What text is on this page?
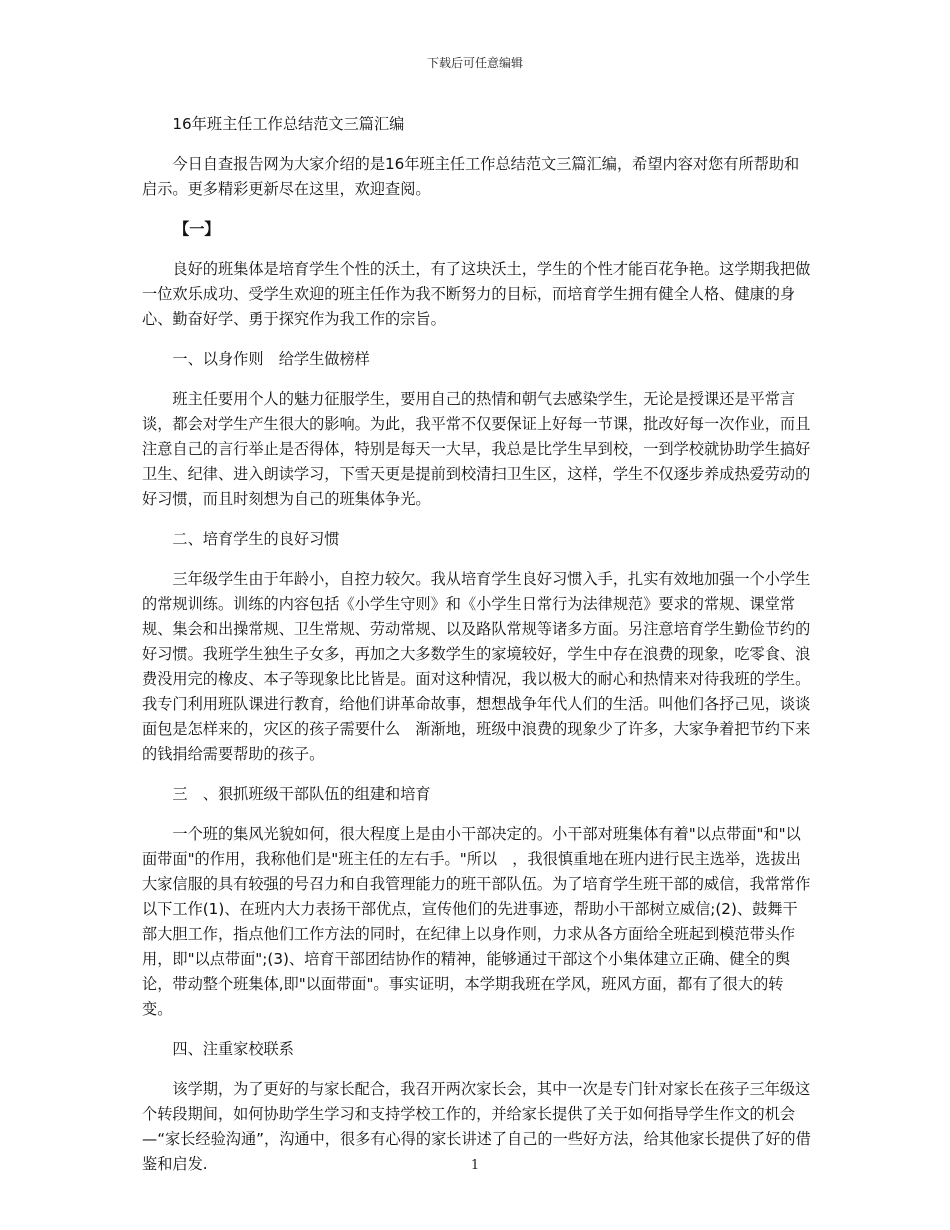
下载后可任意编辑

16年班主任工作总结范文三篇汇编

今日自查报告网为大家介绍的是16年班主任工作总结范文三篇汇编，希望内容对您有所帮助和启示。更多精彩更新尽在这里，欢迎查阅。

【一】

良好的班集体是培育学生个性的沃土，有了这块沃土，学生的个性才能百花争艳。这学期我把做一位欢乐成功、受学生欢迎的班主任作为我不断努力的目标，而培育学生拥有健全人格、健康的身心、勤奋好学、勇于探究作为我工作的宗旨。

一、以身作则　给学生做榜样

班主任要用个人的魅力征服学生，要用自己的热情和朝气去感染学生，无论是授课还是平常言谈，都会对学生产生很大的影响。为此，我平常不仅要保证上好每一节课，批改好每一次作业，而且注意自己的言行举止是否得体，特别是每天一大早，我总是比学生早到校，一到学校就协助学生搞好卫生、纪律、进入朗读学习，下雪天更是提前到校清扫卫生区，这样，学生不仅逐步养成热爱劳动的好习惯，而且时刻想为自己的班集体争光。

二、培育学生的良好习惯

三年级学生由于年龄小，自控力较欠。我从培育学生良好习惯入手，扎实有效地加强一个小学生的常规训练。训练的内容包括《小学生守则》和《小学生日常行为法律规范》要求的常规、课堂常规、集会和出操常规、卫生常规、劳动常规、以及路队常规等诸多方面。另注意培育学生勤俭节约的好习惯。我班学生独生子女多，再加之大多数学生的家境较好，学生中存在浪费的现象，吃零食、浪费没用完的橡皮、本子等现象比比皆是。面对这种情况，我以极大的耐心和热情来对待我班的学生。我专门利用班队课进行教育，给他们讲革命故事，想想战争年代人们的生活。叫他们各抒己见，谈谈面包是怎样来的，灾区的孩子需要什么　渐渐地，班级中浪费的现象少了许多，大家争着把节约下来的钱捐给需要帮助的孩子。

三　、狠抓班级干部队伍的组建和培育

一个班的集风光貌如何，很大程度上是由小干部决定的。小干部对班集体有着"以点带面"和"以面带面"的作用，我称他们是"班主任的左右手。"所以　，我很慎重地在班内进行民主选举，选拔出大家信服的具有较强的号召力和自我管理能力的班干部队伍。为了培育学生班干部的威信，我常常作以下工作(1)、在班内大力表扬干部优点，宣传他们的先进事迹，帮助小干部树立威信;(2)、鼓舞干部大胆工作，指点他们工作方法的同时，在纪律上以身作则，力求从各方面给全班起到模范带头作用，即"以点带面";(3)、培育干部团结协作的精神，能够通过干部这个小集体建立正确、健全的舆论，带动整个班集体,即"以面带面"。事实证明，本学期我班在学风，班风方面，都有了很大的转变。

四、注重家校联系

该学期，为了更好的与家长配合，我召开两次家长会，其中一次是专门针对家长在孩子三年级这个转段期间，如何协助学生学习和支持学校工作的，并给家长提供了关于如何指导学生作文的机会—“家长经验沟通”，沟通中，很多有心得的家长讲述了自己的一些好方法，给其他家长提供了好的借鉴和启发.	1
